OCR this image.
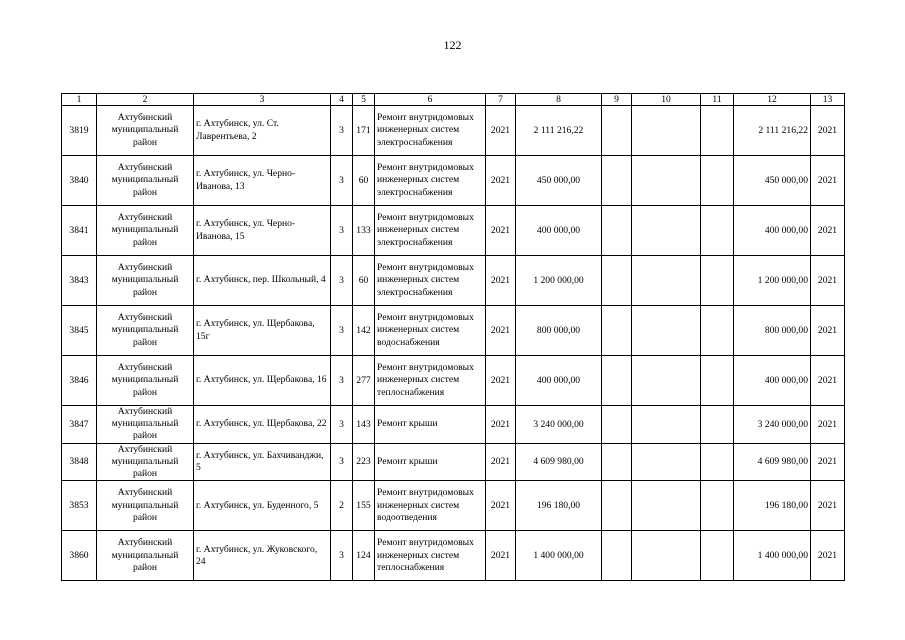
122
1	2	3	4	5	6	7	8	9	10	11	12	13
3819	Ахтубинский муниципальный район	г. Ахтубинск, ул. Ст. Лаврентьева, 2	3	171	Ремонт внутридомовых инженерных систем электроснабжения	2021	2 111 216,22				2 111 216,22	2021
3840	Ахтубинский муниципальный район	г. Ахтубинск, ул. Черно-Иванова, 13	3	60	Ремонт внутридомовых инженерных систем электроснабжения	2021	450 000,00				450 000,00	2021
3841	Ахтубинский муниципальный район	г. Ахтубинск, ул. Черно-Иванова, 15	3	133	Ремонт внутридомовых инженерных систем электроснабжения	2021	400 000,00				400 000,00	2021
3843	Ахтубинский муниципальный район	г. Ахтубинск, пер. Школьный, 4	3	60	Ремонт внутридомовых инженерных систем электроснабжения	2021	1 200 000,00				1 200 000,00	2021
3845	Ахтубинский муниципальный район	г. Ахтубинск, ул. Щербакова, 15г	3	142	Ремонт внутридомовых инженерных систем водоснабжения	2021	800 000,00				800 000,00	2021
3846	Ахтубинский муниципальный район	г. Ахтубинск, ул. Щербакова, 16	3	277	Ремонт внутридомовых инженерных систем теплоснабжения	2021	400 000,00				400 000,00	2021
3847	Ахтубинский муниципальный район	г. Ахтубинск, ул. Щербакова, 22	3	143	Ремонт крыши	2021	3 240 000,00				3 240 000,00	2021
3848	Ахтубинский муниципальный район	г. Ахтубинск, ул. Бахчиванджи, 5	3	223	Ремонт крыши	2021	4 609 980,00				4 609 980,00	2021
3853	Ахтубинский муниципальный район	г. Ахтубинск, ул. Буденного, 5	2	155	Ремонт внутридомовых инженерных систем водоотведения	2021	196 180,00				196 180,00	2021
3860	Ахтубинский муниципальный район	г. Ахтубинск, ул. Жуковского, 24	3	124	Ремонт внутридомовых инженерных систем теплоснабжения	2021	1 400 000,00				1 400 000,00	2021
